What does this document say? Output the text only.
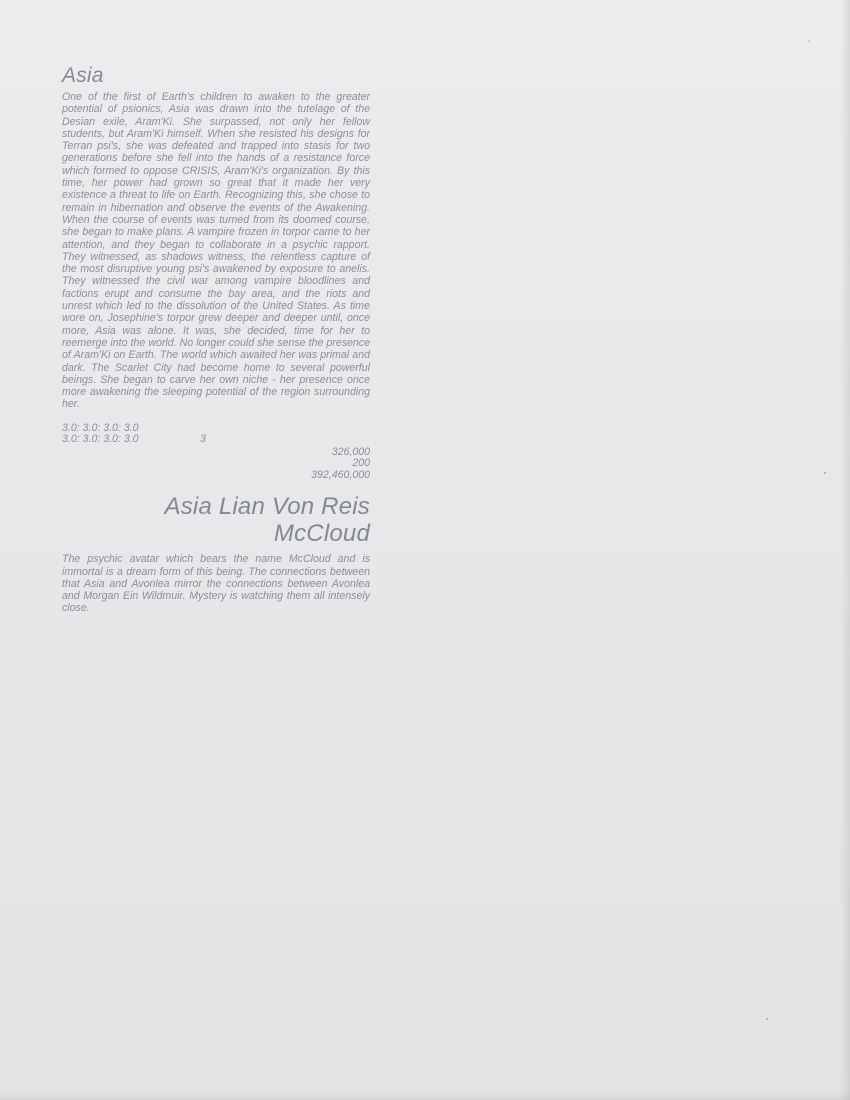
Asia

One of the first of Earth's children to awaken to the greater potential of psionics, Asia was drawn into the tutelage of the Desian exile, Aram'Ki. She surpassed, not only her fellow students, but Aram'Ki himself. When she resisted his designs for Terran psi's, she was defeated and trapped into stasis for two generations before she fell into the hands of a resistance force which formed to oppose CRISIS, Aram'Ki's organization. By this time, her power had grown so great that it made her very existence a threat to life on Earth. Recognizing this, she chose to remain in hibernation and observe the events of the Awakening. When the course of events was turned from its doomed course, she began to make plans. A vampire frozen in torpor came to her attention, and they began to collaborate in a psychic rapport. They witnessed, as shadows witness, the relentless capture of the most disruptive young psi's awakened by exposure to anelis. They witnessed the civil war among vampire bloodlines and factions erupt and consume the bay area, and the riots and unrest which led to the dissolution of the United States. As time wore on, Josephine's torpor grew deeper and deeper until, once more, Asia was alone. It was, she decided, time for her to reemerge into the world. No longer could she sense the presence of Aram'Ki on Earth. The world which awaited her was primal and dark. The Scarlet City had become home to several powerful beings. She began to carve her own niche - her presence once more awakening the sleeping potential of the region surrounding her.

3.0: 3.0: 3.0: 3.0
3.0: 3.0: 3.0: 3.0	3
326,000
200
392,460,000
Asia Lian Von Reis
McCloud

The psychic avatar which bears the name McCloud and is immortal is a dream form of this being. The connections between that Asia and Avonlea mirror the connections between Avonlea and Morgan Ein Wildmuir. Mystery is watching them all intensely close.
